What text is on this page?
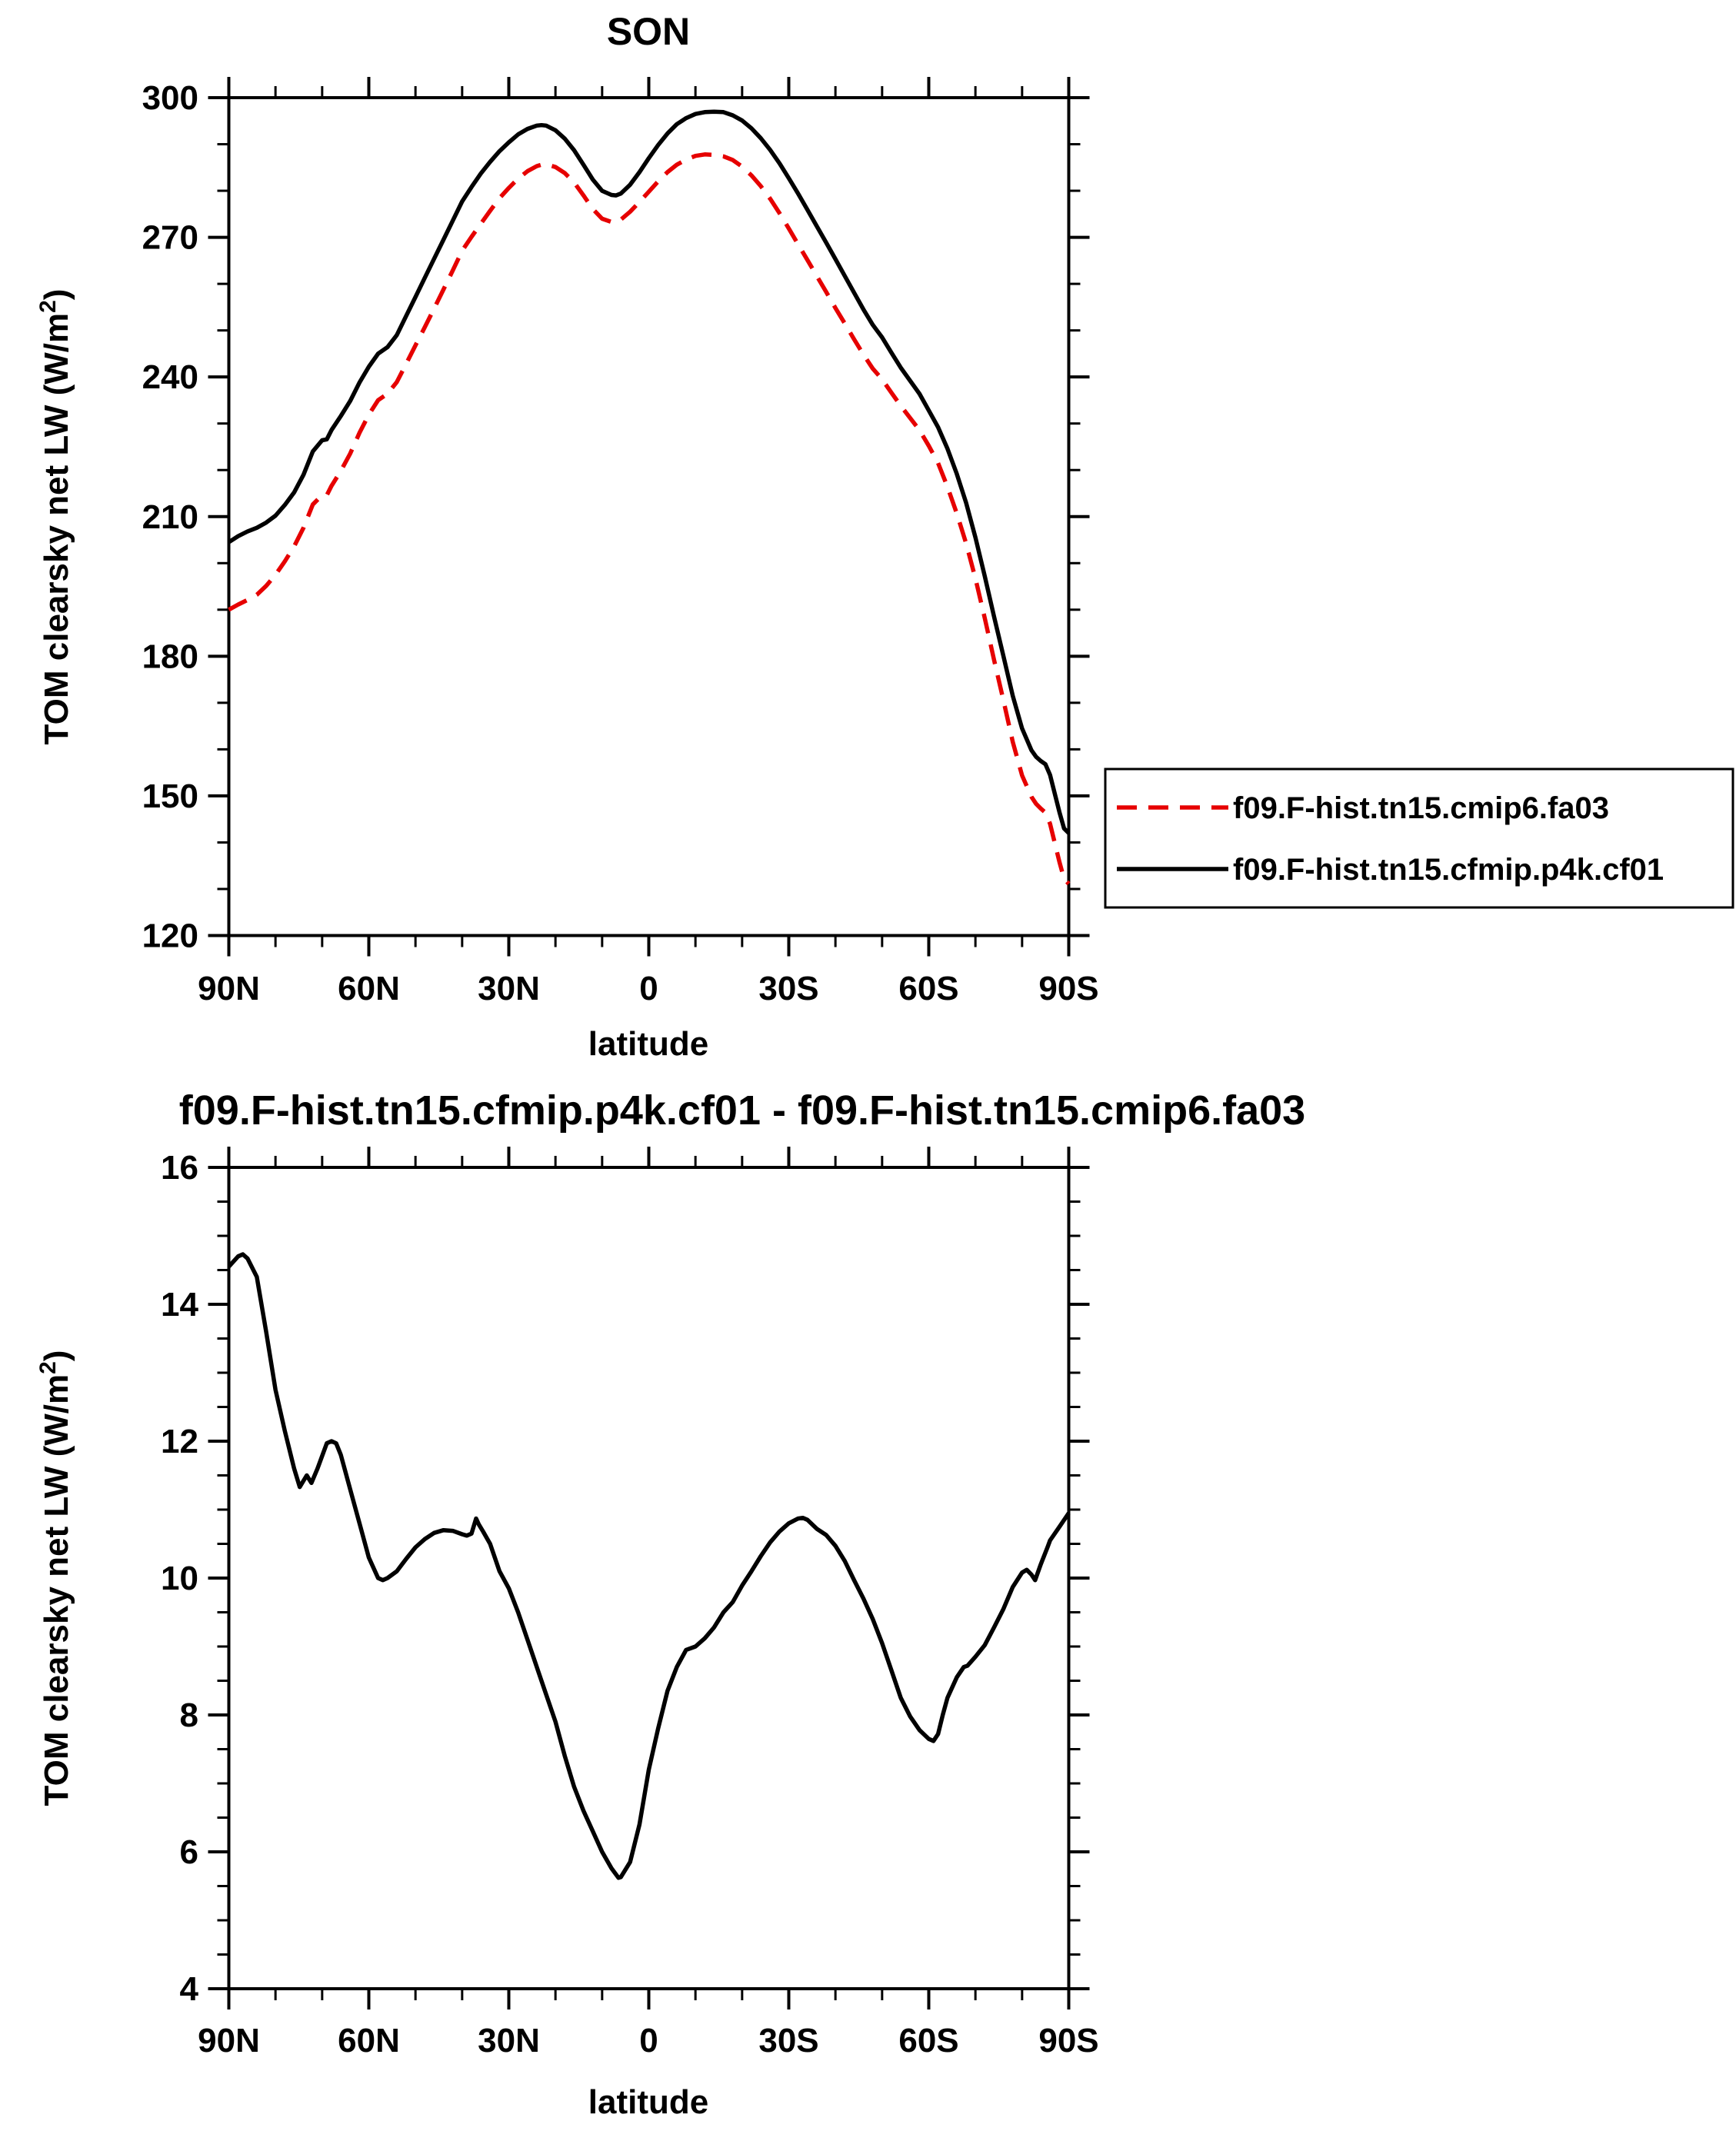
SON
300
270
240
210
180
150
120
90N 60N 30N	0	30S 60S 90S
latitude
TOM clearsky net LW $(W/m^2)$
f09.F-hist.tn15.cmip6.fa03
f09.F-hist.tn15.cfmip.p4k.cf01
f09.F-hist.tn15.cfmip.p4k.cf01 - f09.F-hist.tn15.cmip6.fa03
16
14
12
10
8
6
4
90N 60N 30N	0	30S 60S 90S
latitude
TOM clearsky net LW $(W/m^2)$
